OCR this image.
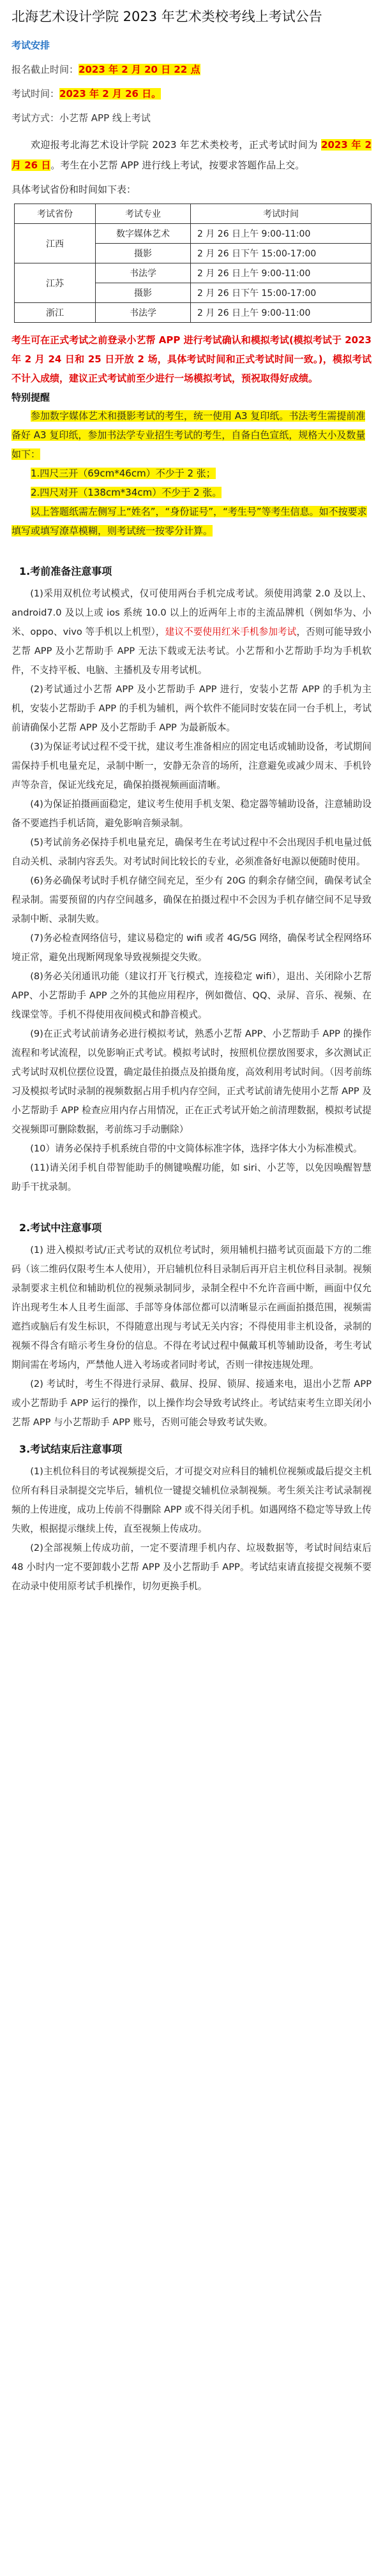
北海艺术设计学院 2023 年艺术类校考线上考试公告
考试安排

报名截止时间：2023 年 2 月 20 日 22 点

考试时间：2023 年 2 月 26 日。

考试方式：小艺帮 APP 线上考试

欢迎报考北海艺术设计学院 2023 年艺术类校考，正式考试时间为 2023 年 2 月 26 日。考生在小艺帮 APP 进行线上考试，按要求答题作品上交。

具体考试省份和时间如下表：

考试省份	考试专业	考试时间
江西	数字媒体艺术	2 月 26 日上午 9:00-11:00
	摄影	2 月 26 日下午 15:00-17:00
江苏	书法学	2 月 26 日上午 9:00-11:00
	摄影	2 月 26 日下午 15:00-17:00
浙江	书法学	2 月 26 日上午 9:00-11:00

考生可在正式考试之前登录小艺帮 APP 进行考试确认和模拟考试(模拟考试于 2023 年 2 月 24 日和 25 日开放 2 场，具体考试时间和正式考试时间一致。)，模拟考试不计入成绩，建议正式考试前至少进行一场模拟考试，预祝取得好成绩。

特别提醒

参加数字媒体艺术和摄影考试的考生，统一使用 A3 复印纸。书法考生需提前准备好 A3 复印纸，参加书法学专业招生考试的考生，自备白色宣纸，规格大小及数量如下：

1.四尺三开（69cm*46cm）不少于 2 张；

2.四尺对开（138cm*34cm）不少于 2 张。

以上答题纸需左侧写上“姓名”，“身份证号”，“考生号”等考生信息。如不按要求填写或填写潦草模糊，则考试统一按零分计算。

1.考前准备注意事项

(1)采用双机位考试模式，仅可使用两台手机完成考试。须使用鸿蒙 2.0 及以上、android7.0 及以上或 ios 系统 10.0 以上的近两年上市的主流品牌机（例如华为、小米、oppo、vivo 等手机以上机型），建议不要使用红米手机参加考试，否则可能导致小艺帮 APP 及小艺帮助手 APP 无法下载或无法考试。小艺帮和小艺帮助手均为手机软件，不支持平板、电脑、主播机及专用考试机。

(2)考试通过小艺帮 APP 及小艺帮助手 APP 进行，安装小艺帮 APP 的手机为主机，安装小艺帮助手 APP 的手机为辅机，两个软件不能同时安装在同一台手机上，考试前请确保小艺帮 APP 及小艺帮助手 APP 为最新版本。

(3)为保证考试过程不受干扰，建议考生准备相应的固定电话或辅助设备，考试期间需保持手机电量充足，录制中断一，安静无杂音的场所，注意避免或减少周末、手机铃声等杂音，保证光线充足，确保拍摄视频画面清晰。

(4)为保证拍摄画面稳定，建议考生使用手机支架、稳定器等辅助设备，注意辅助设备不要遮挡手机话筒，避免影响音频录制。

(5)考试前务必保持手机电量充足，确保考生在考试过程中不会出现因手机电量过低自动关机、录制内容丢失。对考试时间比较长的专业，必须准备好电源以便随时使用。

(6)务必确保考试时手机存储空间充足，至少有 20G 的剩余存储空间，确保考试全程录制。需要预留的内存空间越多，确保在拍摄过程中不会因为手机存储空间不足导致录制中断、录制失败。

(7)务必检查网络信号，建议易稳定的 wifi 或者 4G/5G 网络，确保考试全程网络环境正常，避免出现断网现象导致视频提交失败。

(8)务必关闭通讯功能（建议打开飞行模式，连接稳定 wifi），退出、关闭除小艺帮 APP、小艺帮助手 APP 之外的其他应用程序，例如微信、QQ、录屏、音乐、视频、在线课堂等。手机不得使用夜间模式和静音模式。

(9)在正式考试前请务必进行模拟考试，熟悉小艺帮 APP、小艺帮助手 APP 的操作流程和考试流程，以免影响正式考试。模拟考试时，按照机位摆放图要求，多次测试正式考试时双机位摆位设置，确定最佳拍摄点及拍摄角度，高效利用考试时间。（因考前练习及模拟考试时录制的视频数据占用手机内存空间，正式考试前请先使用小艺帮 APP 及小艺帮助手 APP 检查应用内存占用情况，正在正式考试开始之前清理数据，模拟考试提交视频即可删除数据，考前练习手动删除）

(10）请务必保持手机系统自带的中文简体标准字体，选择字体大小为标准模式。

(11)请关闭手机自带智能助手的侧键唤醒功能，如 siri、小艺等，以免因唤醒智慧助手干扰录制。

2.考试中注意事项

(1) 进入模拟考试/正式考试的双机位考试时，须用辅机扫描考试页面最下方的二维码（该二维码仅限考生本人使用），开启辅机位科目录制后再开启主机位科目录制。视频录制要求主机位和辅助机位的视频录制同步，录制全程中不允许音画中断，画面中仅允许出现考生本人且考生面部、手部等身体部位都可以清晰显示在画面拍摄范围，视频需遮挡或脑后有发生标识，不得随意出现与考试无关内容；不得使用非主机设备，录制的视频不得含有暗示考生身份的信息。不得在考试过程中佩戴耳机等辅助设备，考生考试期间需在考场内，严禁他人进入考场或者同时考试，否则一律按违规处理。

(2) 考试时，考生不得进行录屏、截屏、投屏、锁屏、接通来电，退出小艺帮 APP 或小艺帮助手 APP 运行的操作，以上操作均会导致考试终止。考试结束考生立即关闭小艺帮 APP 与小艺帮助手 APP 账号，否则可能会导致考试失败。

3.考试结束后注意事项

(1)主机位科目的考试视频提交后，才可提交对应科目的辅机位视频或最后提交主机位所有科目录制提交完毕后，辅机位一键提交辅机位录制视频。考生须关注考试录制视频的上传进度，成功上传前不得删除 APP 或不得关闭手机。如遇网络不稳定等导致上传失败，根据提示继续上传，直至视频上传成功。

(2)全部视频上传成功前，一定不要清理手机内存、垃圾数据等，考试时间结束后 48 小时内一定不要卸载小艺帮 APP 及小艺帮助手 APP。考试结束请直接提交视频不要在动录中使用原考试手机操作，切勿更换手机。
